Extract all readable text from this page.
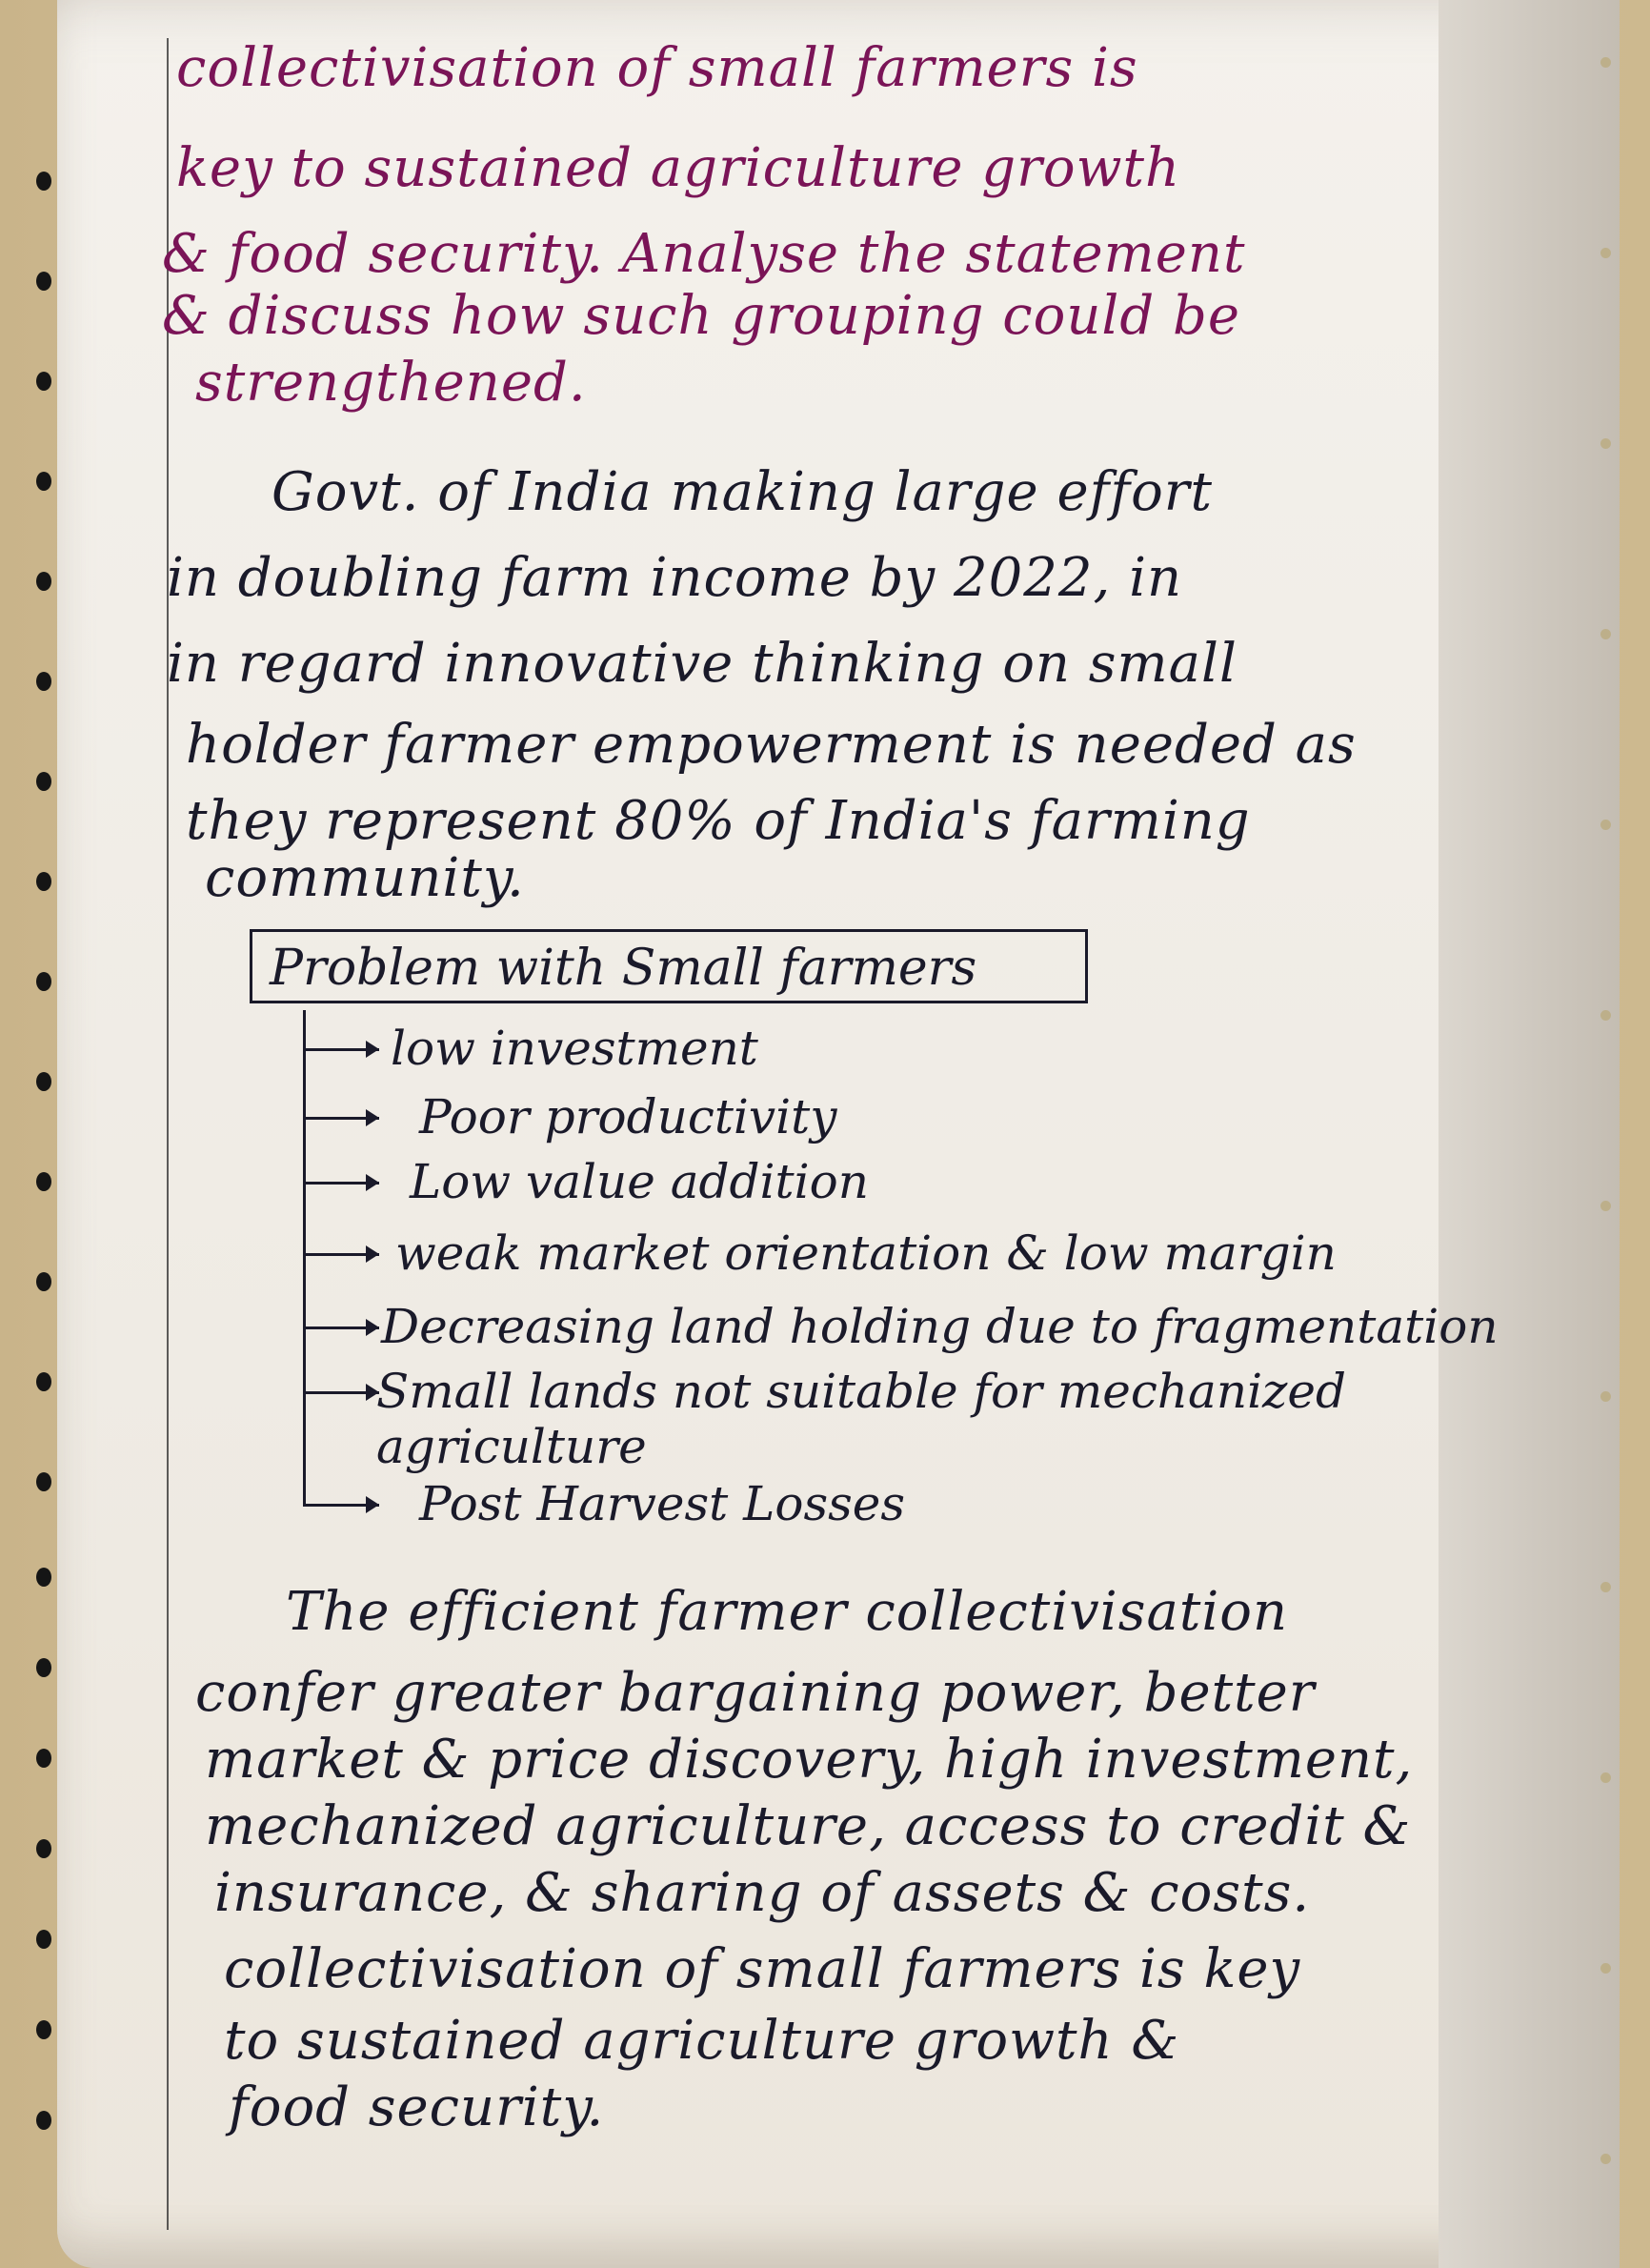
collectivisation of small farmers is
key to sustained agriculture growth
& food security. Analyse the statement
& discuss how such grouping could be
strengthened.
Govt. of India making large effort
in doubling farm income by 2022, in
in regard innovative thinking on small
holder farmer empowerment is needed as
they represent 80% of India's farming
community.
Problem with Small farmers
low investment
Poor productivity
Low value addition
weak market orientation & low margin
Decreasing land holding due to fragmentation
Small lands not suitable for mechanized
agriculture
Post Harvest Losses
The efficient farmer collectivisation
confer greater bargaining power, better
market & price discovery, high investment,
mechanized agriculture, access to credit &
insurance, & sharing of assets & costs.
collectivisation of small farmers is key
to sustained agriculture growth &
food security.
